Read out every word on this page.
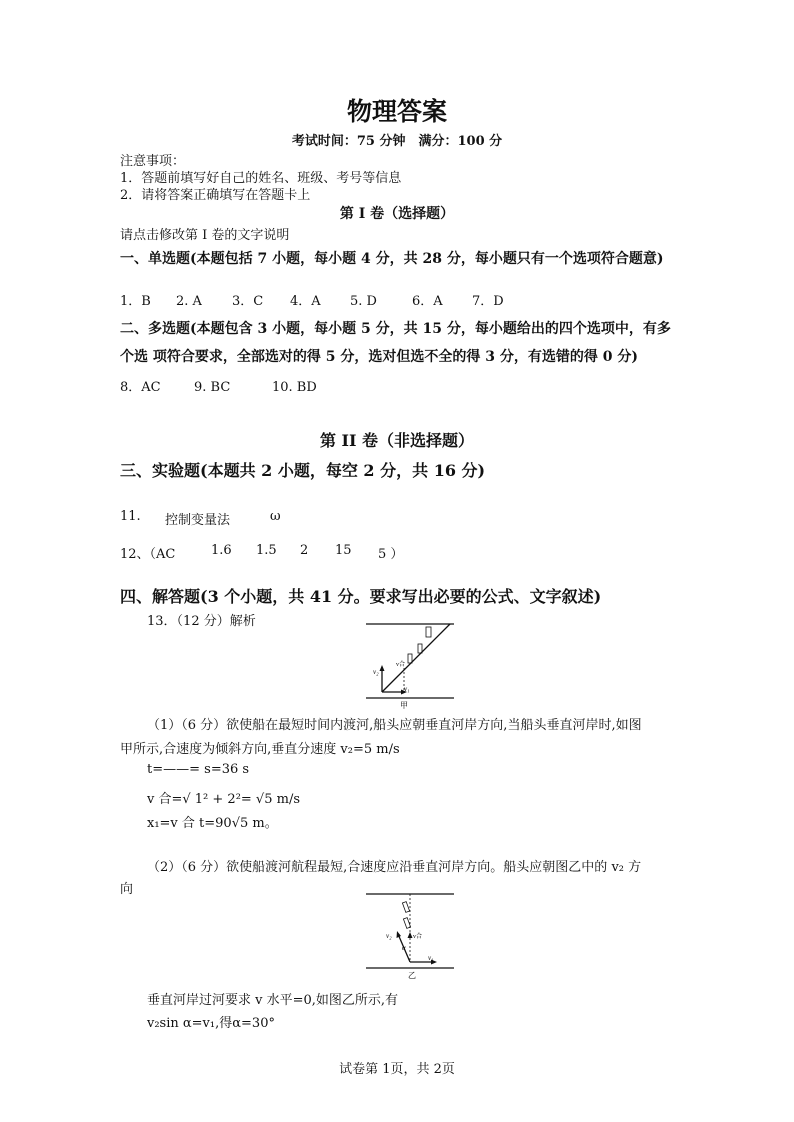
物理答案
考试时间：75 分钟　满分：100 分
注意事项：
1．答题前填写好自己的姓名、班级、考号等信息
2．请将答案正确填写在答题卡上
第 I 卷（选择题）
请点击修改第 I 卷的文字说明
一、单选题(本题包括 7 小题，每小题 4 分，共 28 分，每小题只有一个选项符合题意)
1．B 2. A 3．C 4．A 5. D	6．A 7．D
二、多选题(本题包含 3 小题，每小题 5 分，共 15 分，每小题给出的四个选项中，有多
个选 项符合要求，全部选对的得 5 分，选对但选不全的得 3 分，有选错的得 0 分)
8．AC	9. BC	10. BD
第 II 卷（非选择题）
三、实验题(本题共 2 小题，每空 2 分，共 16 分)
11. 控制变量法	ω
12、（AC	1.6 1.5 2 15 5 ）
四、解答题(3 个小题，共 41 分。要求写出必要的公式、文字叙述)
13．（12 分）解析
v₂
v合
v₁
甲
（1）（6 分）欲使船在最短时间内渡河,船头应朝垂直河岸方向,当船头垂直河岸时,如图
甲所示,合速度为倾斜方向,垂直分速度 v₂=5 m/s
t=——= s=36 s
v 合=√ 1² + 2²= √5 m/s
x₁=v 合 t=90√5 m。
（2）（6 分）欲使船渡河航程最短,合速度应沿垂直河岸方向。船头应朝图乙中的 v₂ 方
向
v₂	v合
α
v₁
乙
垂直河岸过河要求 v 水平=0,如图乙所示,有
v₂sin α=v₁,得α=30°
试卷第 1页，共 2页
